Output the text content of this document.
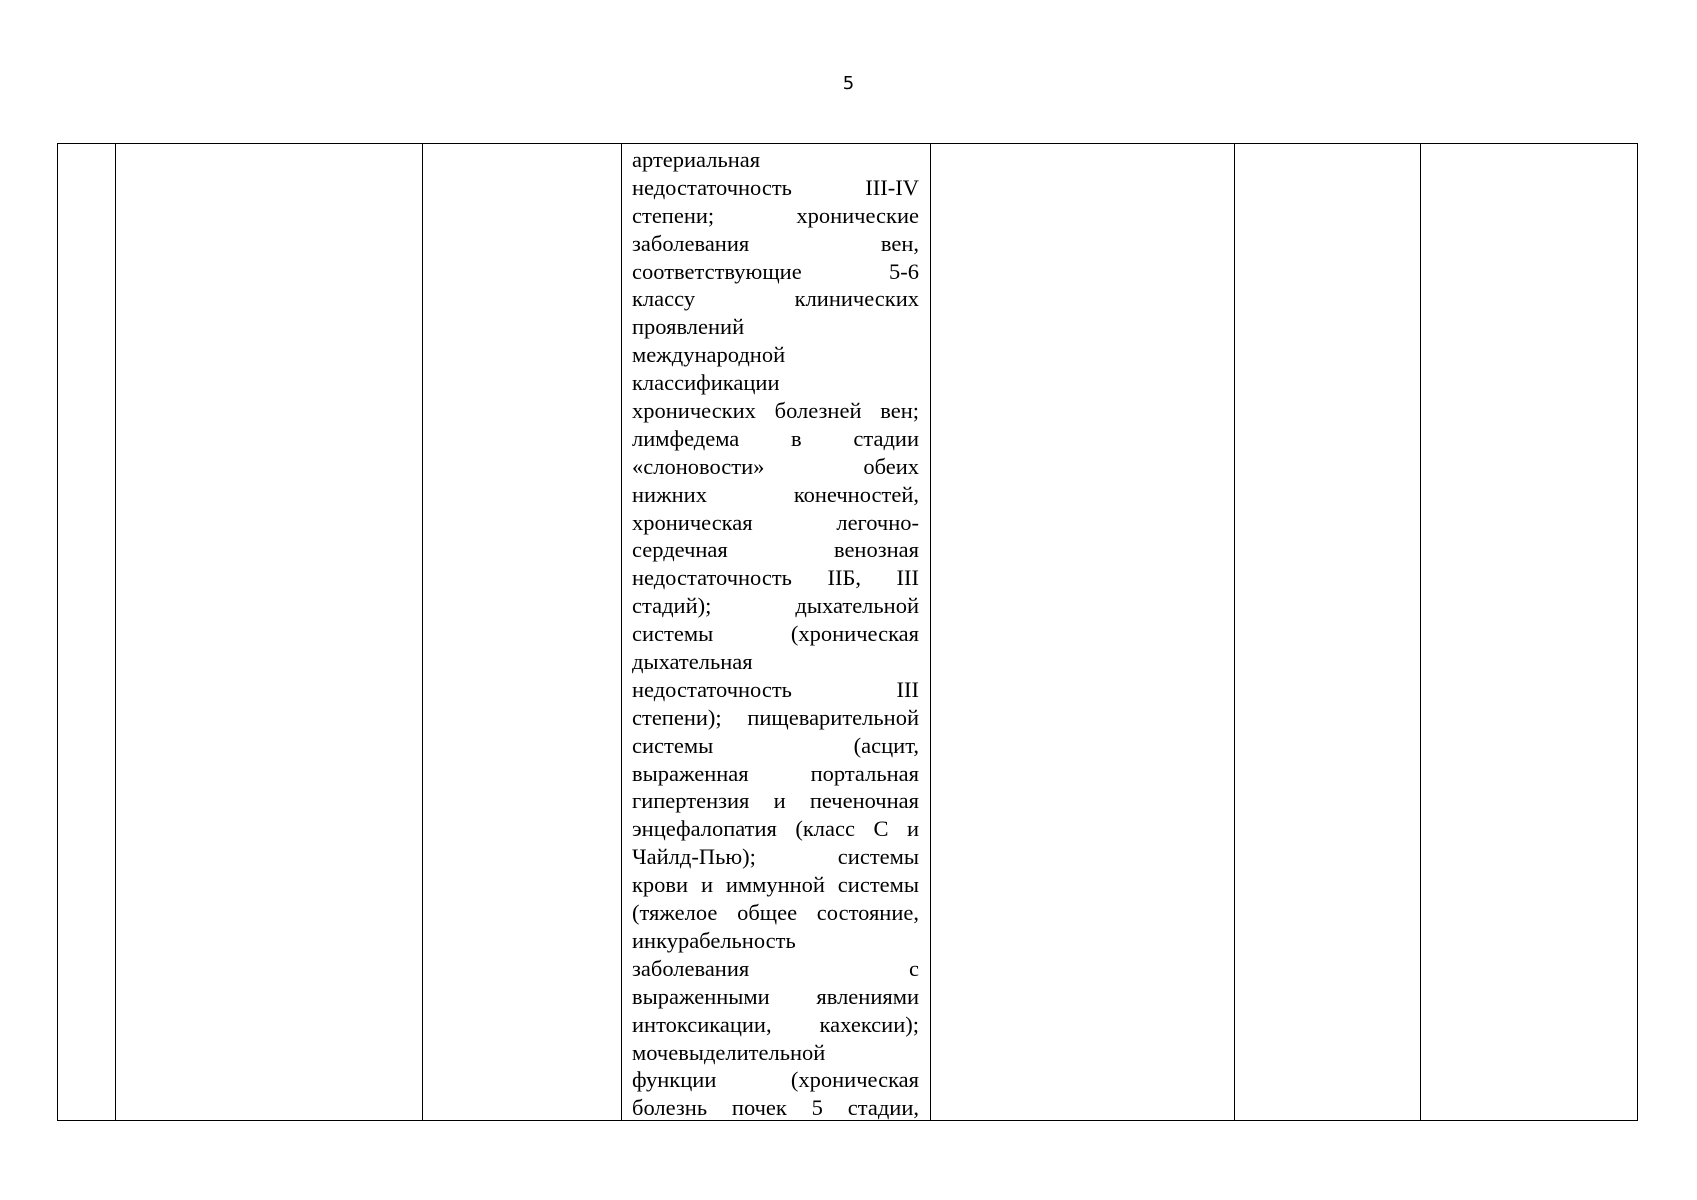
5
артериальная
недостаточность III-IV
степени; хронические
заболевания вен,
соответствующие 5-6
классу клинических
проявлений
международной
классификации
хронических болезней вен;
лимфедема в стадии
«слоновости» обеих
нижних конечностей,
хроническая легочно-
сердечная венозная
недостаточность IIБ, III
стадий); дыхательной
системы (хроническая
дыхательная
недостаточность III
степени); пищеварительной
системы (асцит,
выраженная портальная
гипертензия и печеночная
энцефалопатия (класс С и
Чайлд-Пью); системы
крови и иммунной системы
(тяжелое общее состояние,
инкурабельность
заболевания с
выраженными явлениями
интоксикации, кахексии);
мочевыделительной
функции (хроническая
болезнь почек 5 стадии,
